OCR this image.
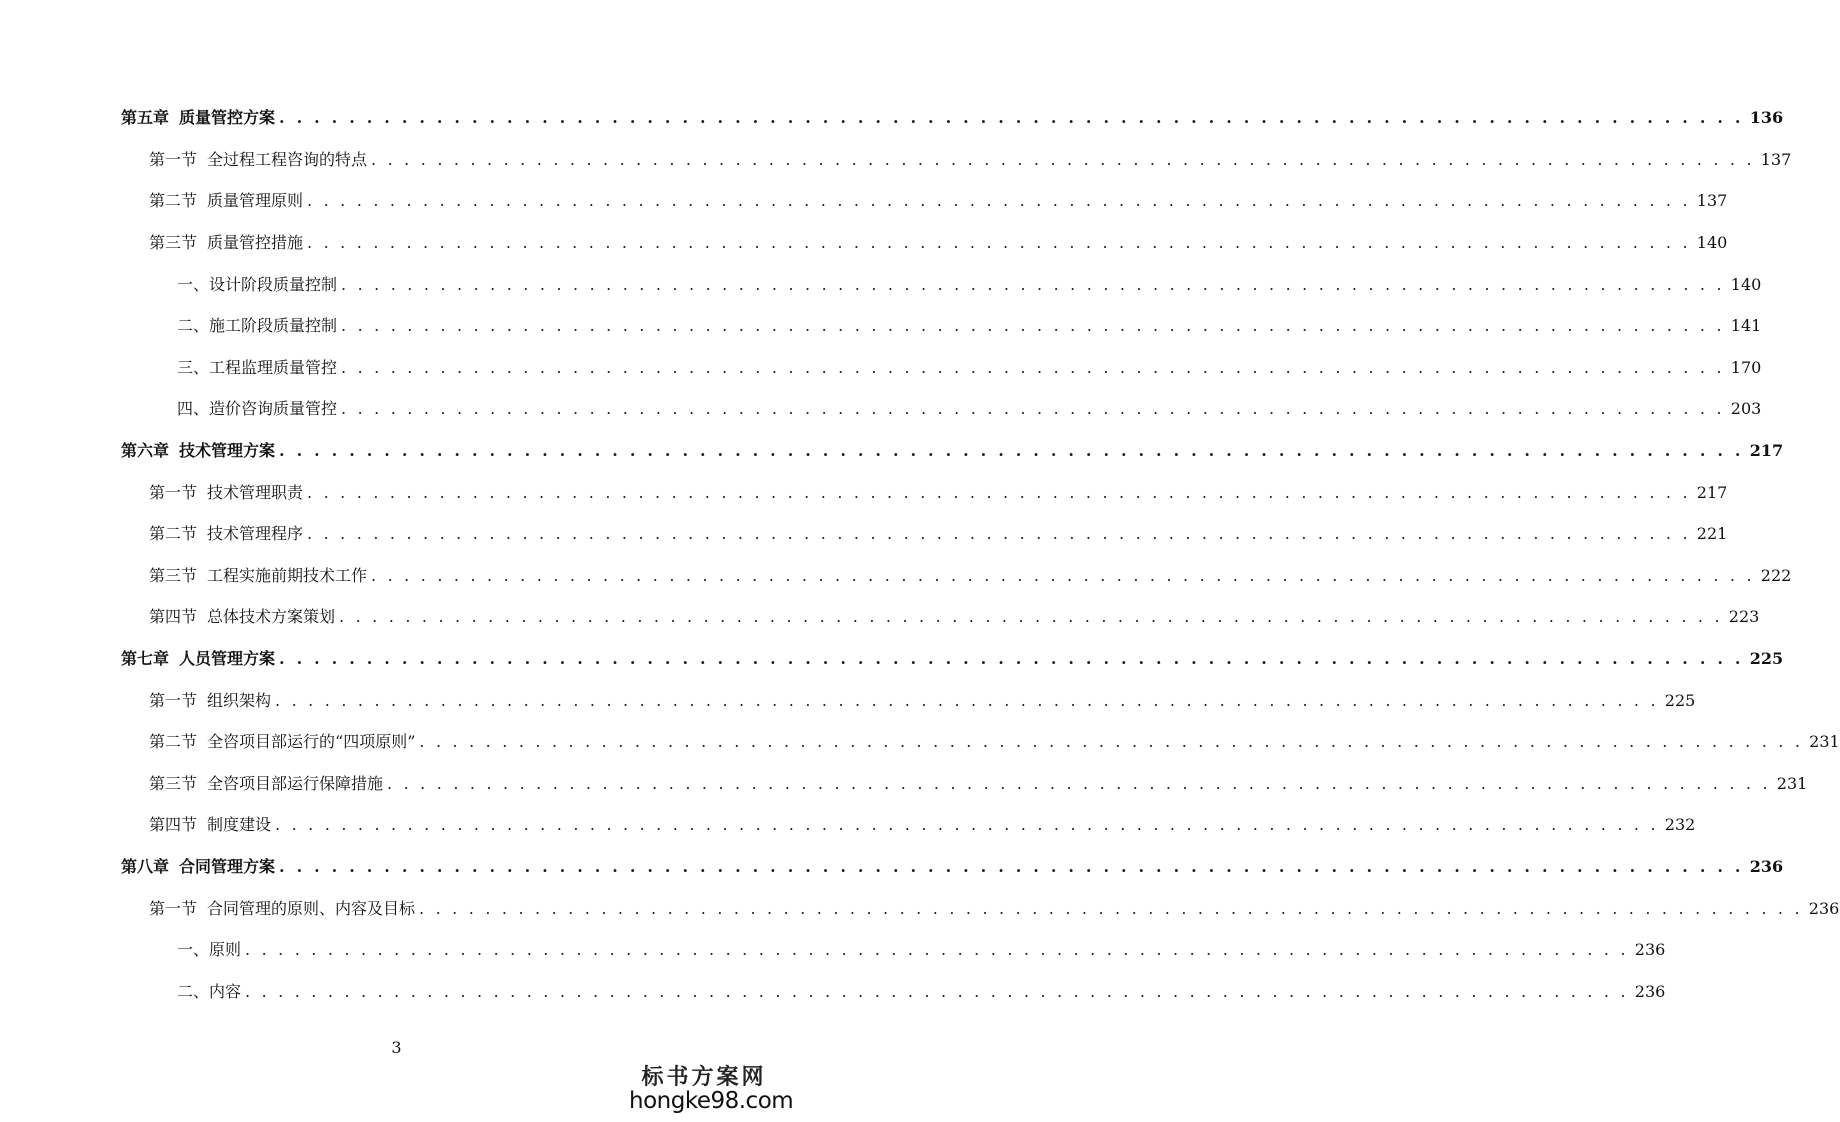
第五章 质量管控方案 . . . . . . . . . . . . . . . . . . . . . . . . . . . . . . . . . . . . . . . . . . . . . . . . . . . . . . . . . . . . . . . . . . . . . . . . . . . . . . . . . . . . 136
第一节 全过程工程咨询的特点 . . . . . . . . . . . . . . . . . . . . . . . . . . . . . . . . . . . . . . . . . . . . . . . . . . . . . . . . . . . . . . . . . . . . . . . . . . . . . . . . . . . . 137
第二节 质量管理原则 . . . . . . . . . . . . . . . . . . . . . . . . . . . . . . . . . . . . . . . . . . . . . . . . . . . . . . . . . . . . . . . . . . . . . . . . . . . . . . . . . . . . 137
第三节 质量管控措施 . . . . . . . . . . . . . . . . . . . . . . . . . . . . . . . . . . . . . . . . . . . . . . . . . . . . . . . . . . . . . . . . . . . . . . . . . . . . . . . . . . . . 140
一、设计阶段质量控制 . . . . . . . . . . . . . . . . . . . . . . . . . . . . . . . . . . . . . . . . . . . . . . . . . . . . . . . . . . . . . . . . . . . . . . . . . . . . . . . . . . . . 140
二、施工阶段质量控制 . . . . . . . . . . . . . . . . . . . . . . . . . . . . . . . . . . . . . . . . . . . . . . . . . . . . . . . . . . . . . . . . . . . . . . . . . . . . . . . . . . . . 141
三、工程监理质量管控 . . . . . . . . . . . . . . . . . . . . . . . . . . . . . . . . . . . . . . . . . . . . . . . . . . . . . . . . . . . . . . . . . . . . . . . . . . . . . . . . . . . . 170
四、造价咨询质量管控 . . . . . . . . . . . . . . . . . . . . . . . . . . . . . . . . . . . . . . . . . . . . . . . . . . . . . . . . . . . . . . . . . . . . . . . . . . . . . . . . . . . . 203
第六章 技术管理方案 . . . . . . . . . . . . . . . . . . . . . . . . . . . . . . . . . . . . . . . . . . . . . . . . . . . . . . . . . . . . . . . . . . . . . . . . . . . . . . . . . . . . 217
第一节 技术管理职责 . . . . . . . . . . . . . . . . . . . . . . . . . . . . . . . . . . . . . . . . . . . . . . . . . . . . . . . . . . . . . . . . . . . . . . . . . . . . . . . . . . . . 217
第二节 技术管理程序 . . . . . . . . . . . . . . . . . . . . . . . . . . . . . . . . . . . . . . . . . . . . . . . . . . . . . . . . . . . . . . . . . . . . . . . . . . . . . . . . . . . . 221
第三节 工程实施前期技术工作 . . . . . . . . . . . . . . . . . . . . . . . . . . . . . . . . . . . . . . . . . . . . . . . . . . . . . . . . . . . . . . . . . . . . . . . . . . . . . . . . . . . . 222
第四节 总体技术方案策划 . . . . . . . . . . . . . . . . . . . . . . . . . . . . . . . . . . . . . . . . . . . . . . . . . . . . . . . . . . . . . . . . . . . . . . . . . . . . . . . . . . . . 223
第七章 人员管理方案 . . . . . . . . . . . . . . . . . . . . . . . . . . . . . . . . . . . . . . . . . . . . . . . . . . . . . . . . . . . . . . . . . . . . . . . . . . . . . . . . . . . . 225
第一节 组织架构 . . . . . . . . . . . . . . . . . . . . . . . . . . . . . . . . . . . . . . . . . . . . . . . . . . . . . . . . . . . . . . . . . . . . . . . . . . . . . . . . . . . . 225
第二节 全咨项目部运行的“四项原则” . . . . . . . . . . . . . . . . . . . . . . . . . . . . . . . . . . . . . . . . . . . . . . . . . . . . . . . . . . . . . . . . . . . . . . . . . . . . . . . . . . . . 231
第三节 全咨项目部运行保障措施 . . . . . . . . . . . . . . . . . . . . . . . . . . . . . . . . . . . . . . . . . . . . . . . . . . . . . . . . . . . . . . . . . . . . . . . . . . . . . . . . . . . . 231
第四节 制度建设 . . . . . . . . . . . . . . . . . . . . . . . . . . . . . . . . . . . . . . . . . . . . . . . . . . . . . . . . . . . . . . . . . . . . . . . . . . . . . . . . . . . . 232
第八章 合同管理方案 . . . . . . . . . . . . . . . . . . . . . . . . . . . . . . . . . . . . . . . . . . . . . . . . . . . . . . . . . . . . . . . . . . . . . . . . . . . . . . . . . . . . 236
第一节 合同管理的原则、内容及目标 . . . . . . . . . . . . . . . . . . . . . . . . . . . . . . . . . . . . . . . . . . . . . . . . . . . . . . . . . . . . . . . . . . . . . . . . . . . . . . . . . . . . 236
一、原则 . . . . . . . . . . . . . . . . . . . . . . . . . . . . . . . . . . . . . . . . . . . . . . . . . . . . . . . . . . . . . . . . . . . . . . . . . . . . . . . . . . . . 236
二、内容 . . . . . . . . . . . . . . . . . . . . . . . . . . . . . . . . . . . . . . . . . . . . . . . . . . . . . . . . . . . . . . . . . . . . . . . . . . . . . . . . . . . . 236
3
标书方案网
hongke98.com
